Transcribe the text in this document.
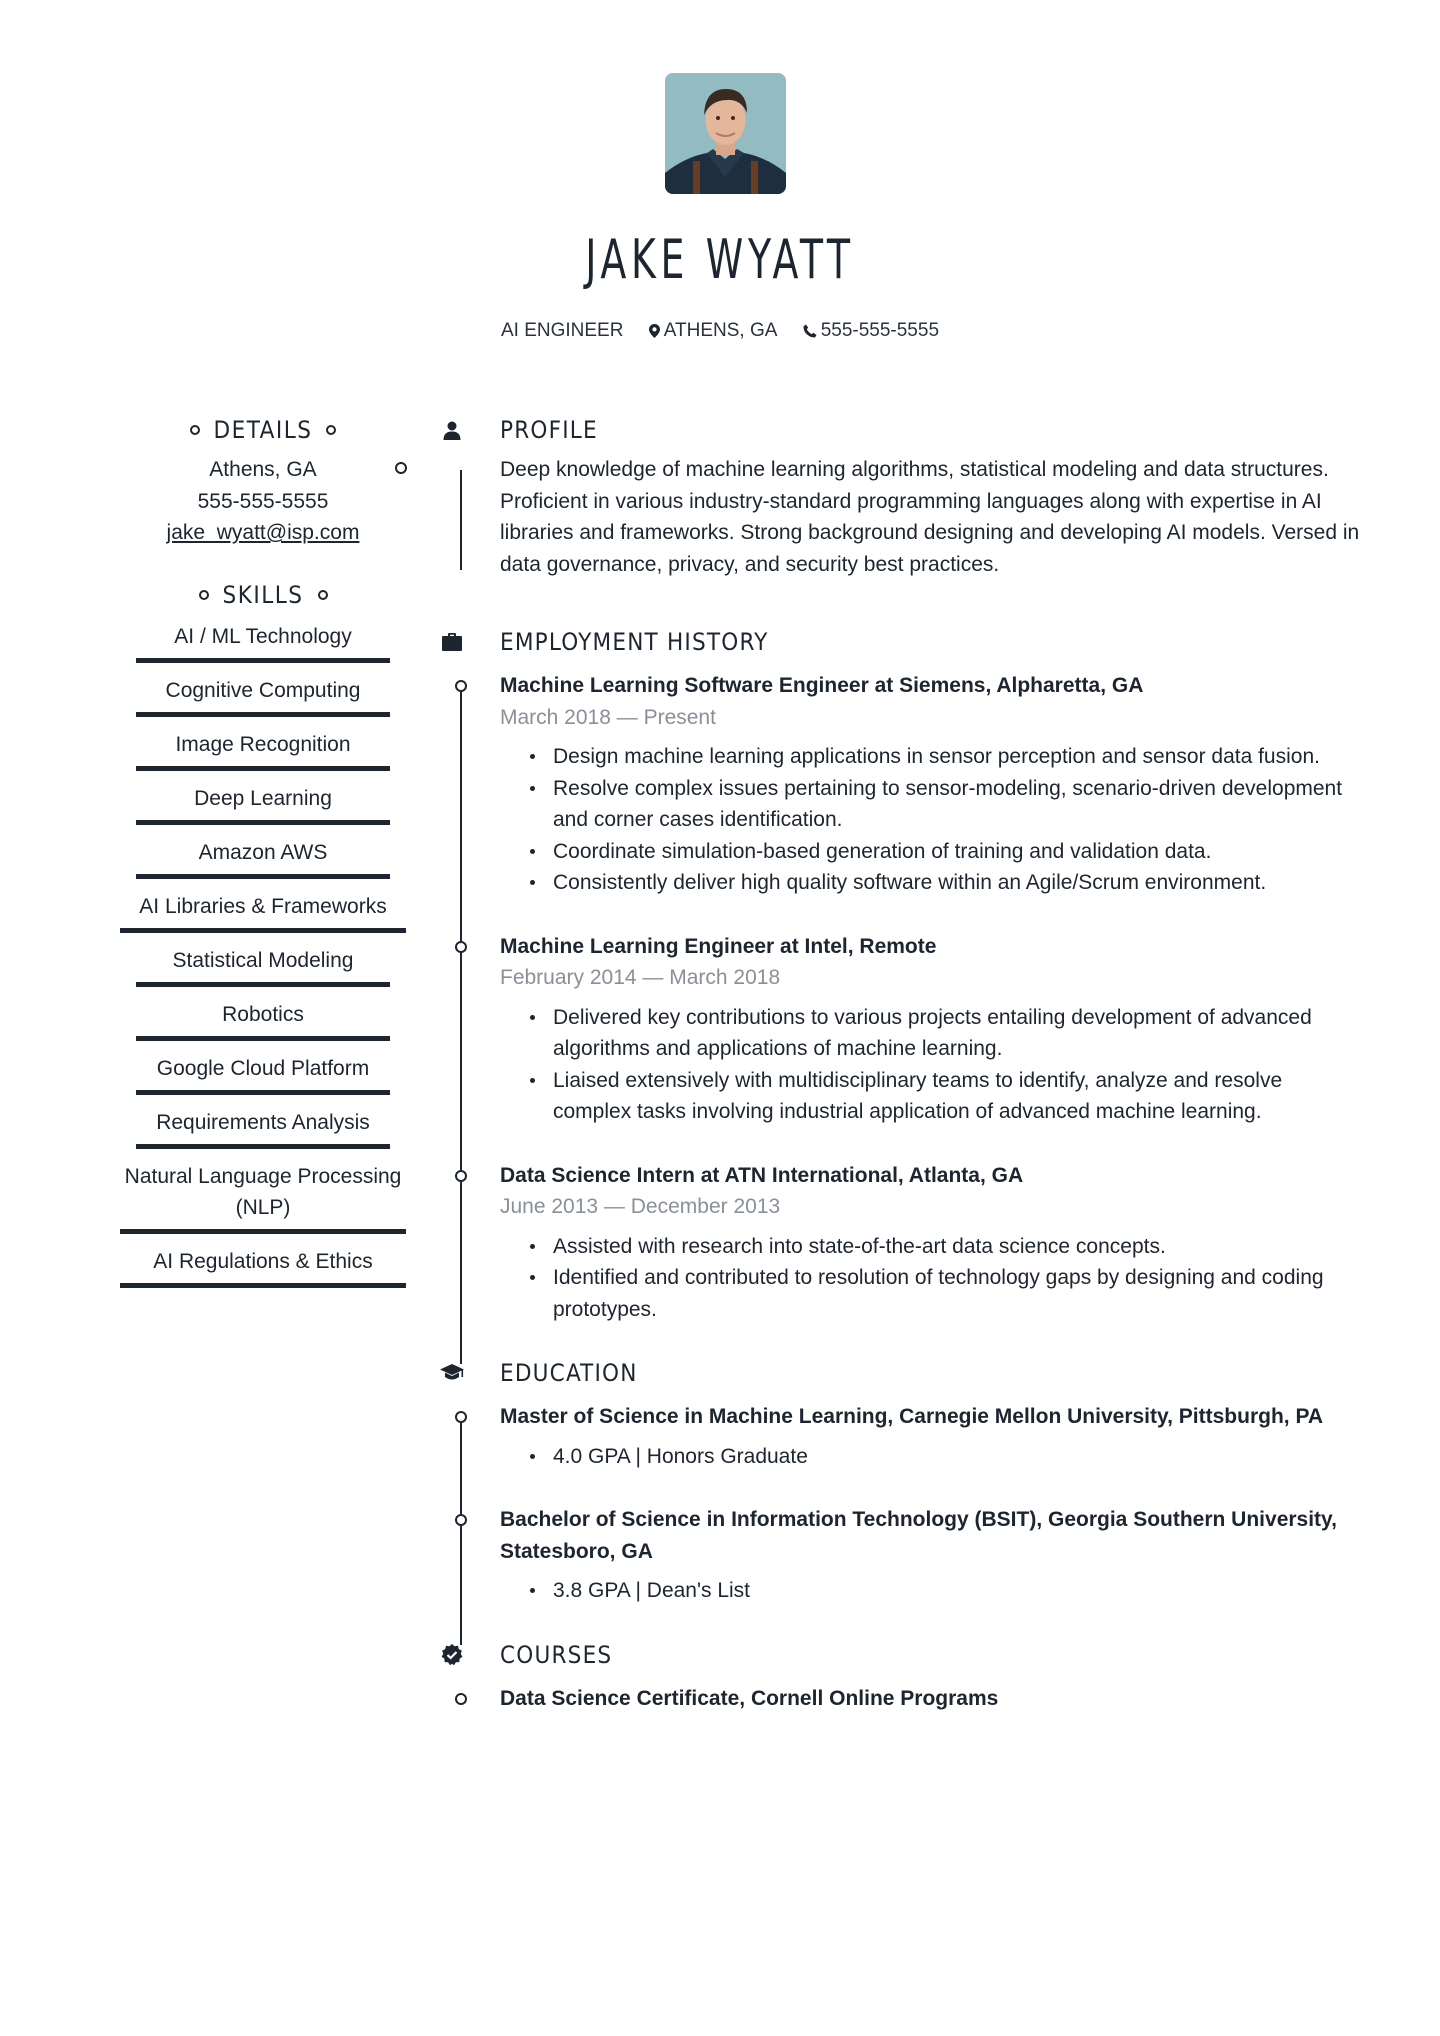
JAKE WYATT
AI ENGINEER ATHENS, GA 555-555-5555
DETAILS
Athens, GA
555-555-5555
jake_wyatt@isp.com
SKILLS
AI / ML Technology
Cognitive Computing
Image Recognition
Deep Learning
Amazon AWS
AI Libraries & Frameworks
Statistical Modeling
Robotics
Google Cloud Platform
Requirements Analysis
Natural Language Processing (NLP)
AI Regulations & Ethics
PROFILE

Deep knowledge of machine learning algorithms, statistical modeling and data structures. Proficient in various industry-standard programming languages along with expertise in AI libraries and frameworks. Strong background designing and developing AI models. Versed in data governance, privacy, and security best practices.

EMPLOYMENT HISTORY
Machine Learning Software Engineer at Siemens, Alpharetta, GA
March 2018 — Present
Design machine learning applications in sensor perception and sensor data fusion.
Resolve complex issues pertaining to sensor-modeling, scenario-driven development and corner cases identification.
Coordinate simulation-based generation of training and validation data.
Consistently deliver high quality software within an Agile/Scrum environment.
Machine Learning Engineer at Intel, Remote
February 2014 — March 2018
Delivered key contributions to various projects entailing development of advanced algorithms and applications of machine learning.
Liaised extensively with multidisciplinary teams to identify, analyze and resolve complex tasks involving industrial application of advanced machine learning.
Data Science Intern at ATN International, Atlanta, GA
June 2013 — December 2013
Assisted with research into state-of-the-art data science concepts.
Identified and contributed to resolution of technology gaps by designing and coding prototypes.
EDUCATION
Master of Science in Machine Learning, Carnegie Mellon University, Pittsburgh, PA
4.0 GPA | Honors Graduate
Bachelor of Science in Information Technology (BSIT), Georgia Southern University, Statesboro, GA
3.8 GPA | Dean's List
COURSES
Data Science Certificate, Cornell Online Programs
